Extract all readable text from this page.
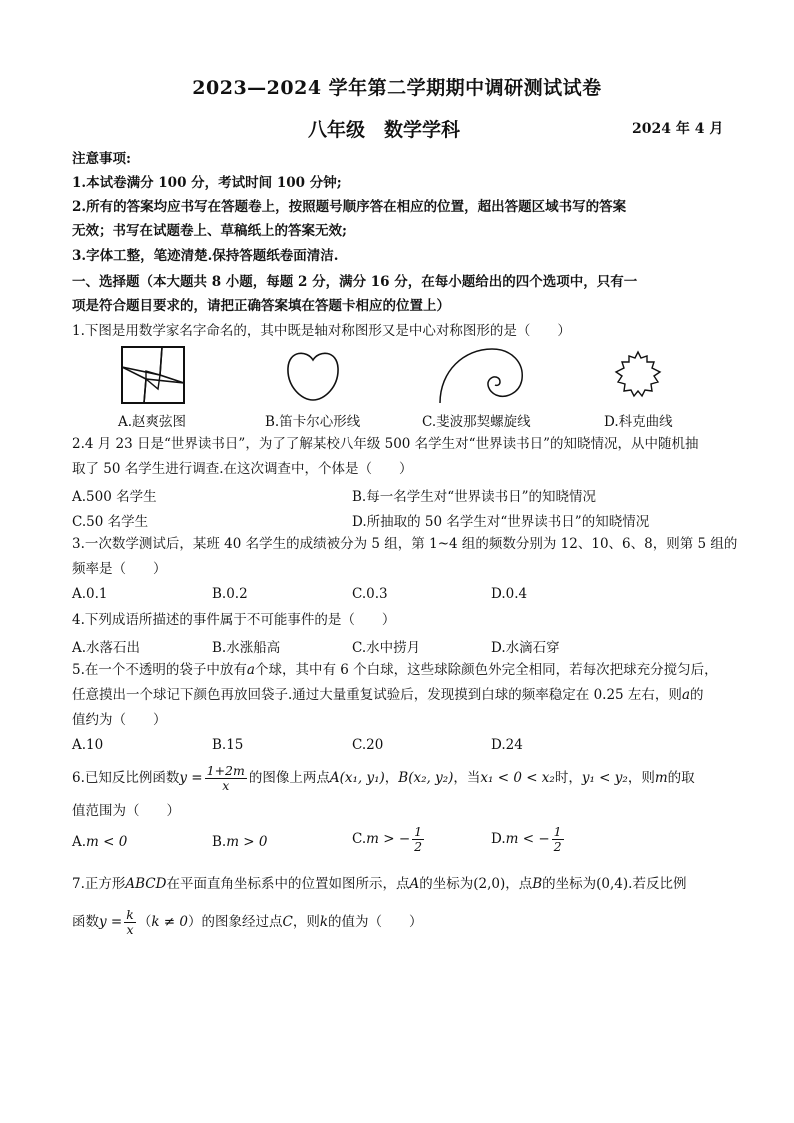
2023—2024 学年第二学期期中调研测试试卷
八年级　数学学科	2024 年 4 月
注意事项:
1.本试卷满分 100 分，考试时间 100 分钟;
2.所有的答案均应书写在答题卷上，按照题号顺序答在相应的位置，超出答题区域书写的答案
无效；书写在试题卷上、草稿纸上的答案无效;
3.字体工整，笔迹清楚.保持答题纸卷面清洁.
一、选择题（本大题共 8 小题，每题 2 分，满分 16 分，在每小题给出的四个选项中，只有一
项是符合题目要求的，请把正确答案填在答题卡相应的位置上）
1.下图是用数学家名字命名的，其中既是轴对称图形又是中心对称图形的是（　　）
A.赵爽弦图	B.笛卡尔心形线	C.斐波那契螺旋线	D.科克曲线
2.4 月 23 日是“世界读书日”，为了了解某校八年级 500 名学生对“世界读书日”的知晓情况，从中随机抽
取了 50 名学生进行调查.在这次调查中，个体是（　　）
A.500 名学生	B.每一名学生对“世界读书日”的知晓情况
C.50 名学生	D.所抽取的 50 名学生对“世界读书日”的知晓情况
3.一次数学测试后，某班 40 名学生的成绩被分为 5 组，第 1~4 组的频数分别为 12、10、6、8，则第 5 组的
频率是（　　）
A.0.1	B.0.2	C.0.3	D.0.4
4.下列成语所描述的事件属于不可能事件的是（　　）
A.水落石出	B.水涨船高	C.水中捞月	D.水滴石穿
5.在一个不透明的袋子中放有a个球，其中有 6 个白球，这些球除颜色外完全相同，若每次把球充分搅匀后，
任意摸出一个球记下颜色再放回袋子.通过大量重复试验后，发现摸到白球的频率稳定在 0.25 左右，则a的
值约为（　　）
A.10	B.15	C.20	D.24
6.已知反比例函数$y = \frac{1+2m}{x}$ 的图像上两点A(x₁, y₁)，B(x₂, y₂)，当x₁ < 0 < x₂时，y₁ < y₂，则m的取
值范围为（　　）
A.m < 0	B.m > 0	C.m > − $\frac{1}{2}$	D.m < − $\frac{1}{2}$
7.正方形ABCD在平面直角坐标系中的位置如图所示，点A的坐标为(2,0)，点B的坐标为(0,4).若反比例
函数$y = \frac{k}{x} (k \ne 0)$的图象经过点C，则k的值为（　　）
